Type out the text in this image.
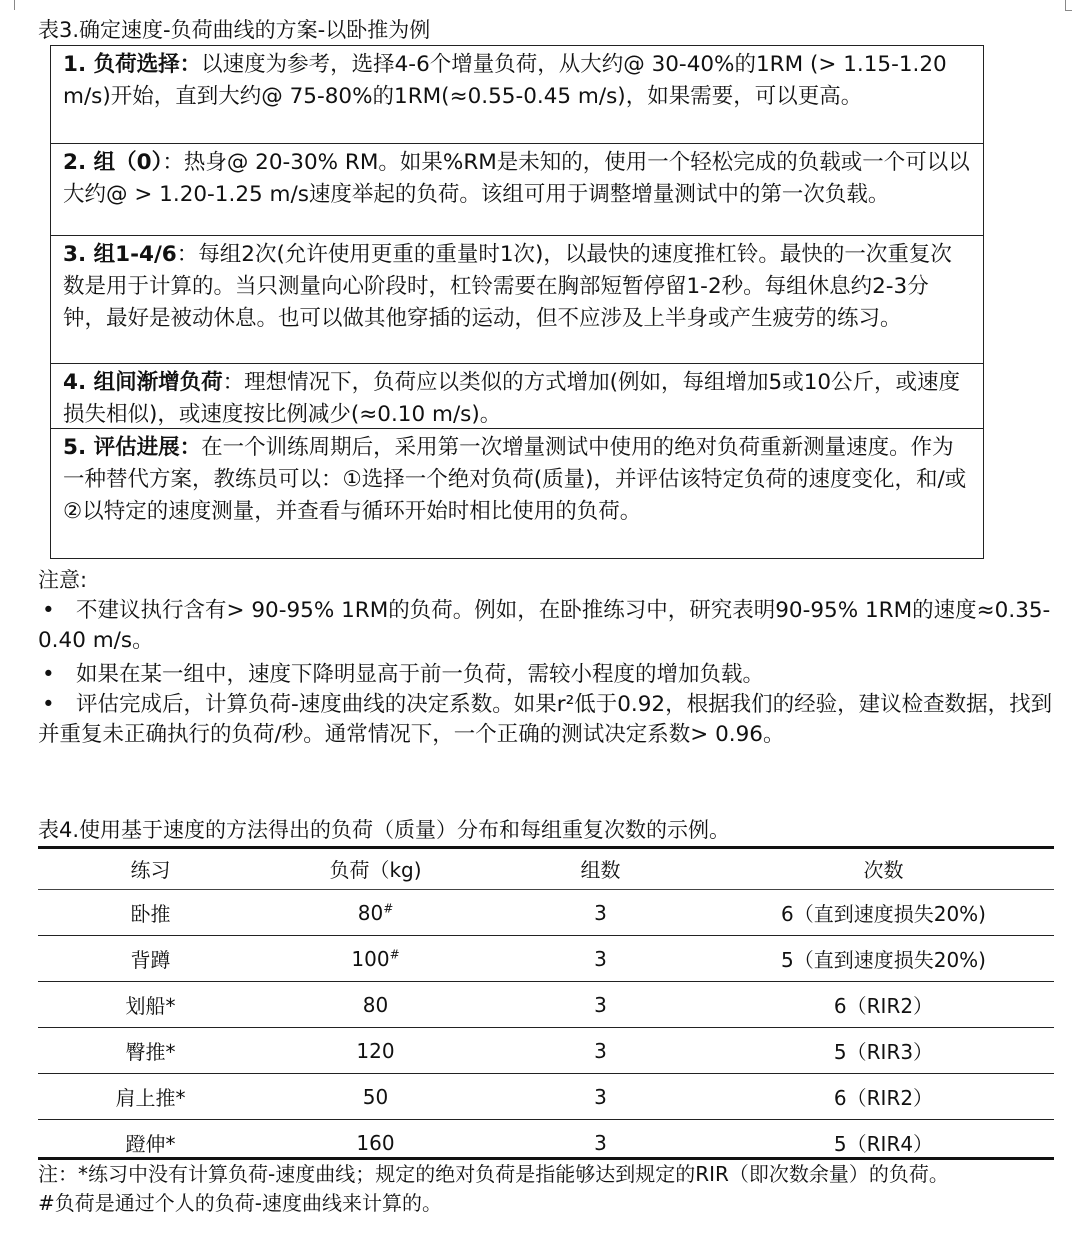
表3.确定速度-负荷曲线的方案-以卧推为例
1. 负荷选择：以速度为参考，选择4-6个增量负荷，从大约@ 30-40%的1RM (> 1.15-1.20 m/s)开始，直到大约@ 75-80%的1RM(≈0.55-0.45 m/s)，如果需要，可以更高。
2. 组（0）：热身@ 20-30% RM。如果%RM是未知的，使用一个轻松完成的负载或一个可以以大约@ > 1.20-1.25 m/s速度举起的负荷。该组可用于调整增量测试中的第一次负载。
3. 组1-4/6：每组2次(允许使用更重的重量时1次)，以最快的速度推杠铃。最快的一次重复次数是用于计算的。当只测量向心阶段时，杠铃需要在胸部短暂停留1-2秒。每组休息约2-3分钟，最好是被动休息。也可以做其他穿插的运动，但不应涉及上半身或产生疲劳的练习。
4. 组间渐增负荷：理想情况下，负荷应以类似的方式增加(例如，每组增加5或10公斤，或速度损失相似)，或速度按比例减少(≈0.10 m/s)。
5. 评估进展：在一个训练周期后，采用第一次增量测试中使用的绝对负荷重新测量速度。作为一种替代方案，教练员可以：①选择一个绝对负荷(质量)，并评估该特定负荷的速度变化，和/或②以特定的速度测量，并查看与循环开始时相比使用的负荷。
注意:
• 不建议执行含有> 90-95% 1RM的负荷。例如，在卧推练习中，研究表明90-95% 1RM的速度≈0.35-0.40 m/s。
• 如果在某一组中，速度下降明显高于前一负荷，需较小程度的增加负载。
• 评估完成后，计算负荷-速度曲线的决定系数。如果r²低于0.92，根据我们的经验，建议检查数据，找到并重复未正确执行的负荷/秒。通常情况下，一个正确的测试决定系数> 0.96。
表4.使用基于速度的方法得出的负荷（质量）分布和每组重复次数的示例。
练习	负荷（kg)	组数	次数
卧推	80#	3	6（直到速度损失20%)
背蹲	100#	3	5（直到速度损失20%)
划船*	80	3	6（RIR2）
臀推*	120	3	5（RIR3）
肩上推*	50	3	6（RIR2）
蹬伸*	160	3	5（RIR4）
注：*练习中没有计算负荷-速度曲线；规定的绝对负荷是指能够达到规定的RIR（即次数余量）的负荷。
#负荷是通过个人的负荷-速度曲线来计算的。
